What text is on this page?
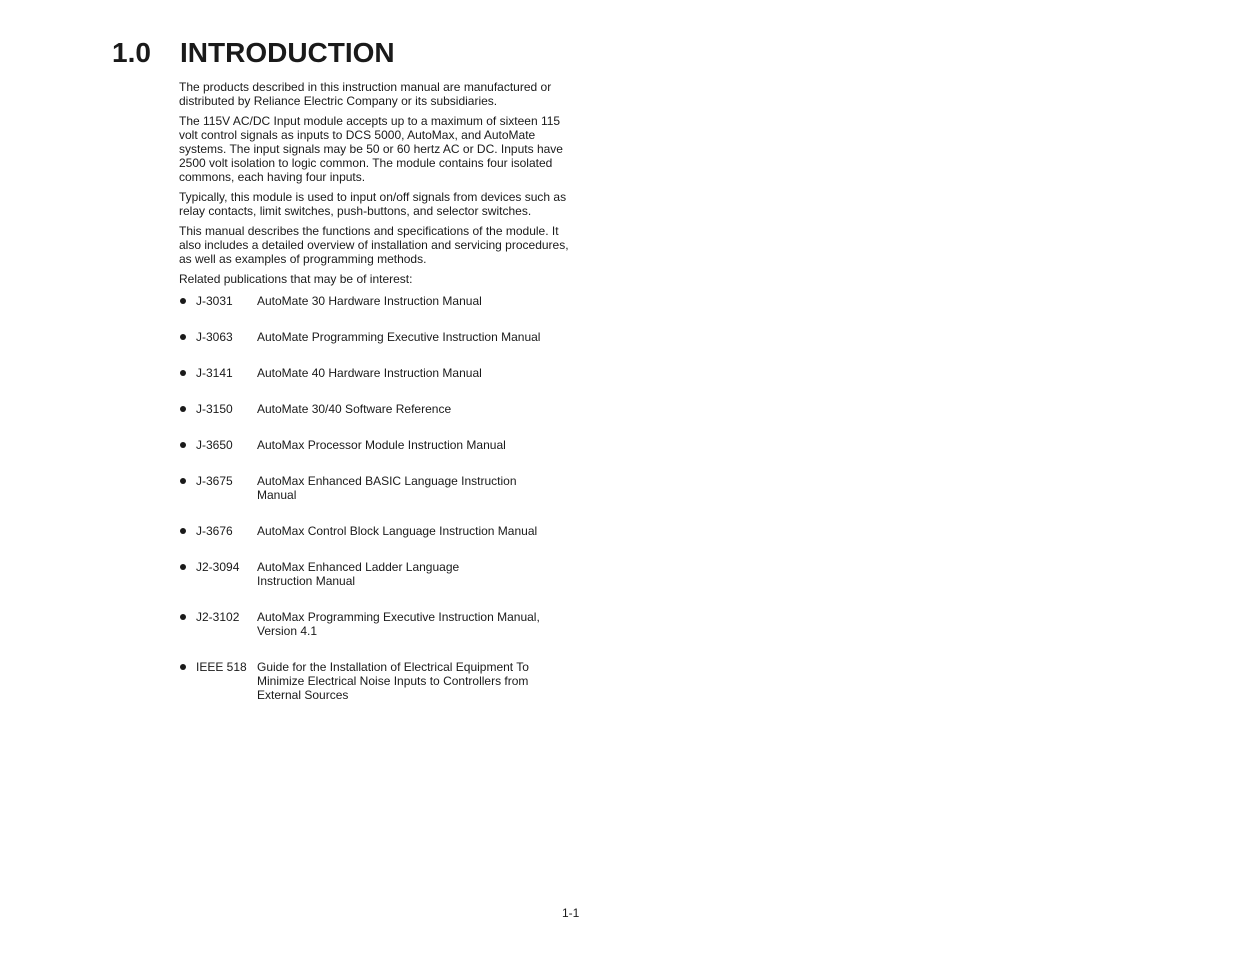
1.0 INTRODUCTION

The products described in this instruction manual are manufactured or distributed by Reliance Electric Company or its subsidiaries.

The 115V AC/DC Input module accepts up to a maximum of sixteen 115 volt control signals as inputs to DCS 5000, AutoMax, and AutoMate systems. The input signals may be 50 or 60 hertz AC or DC. Inputs have 2500 volt isolation to logic common. The module contains four isolated commons, each having four inputs.

Typically, this module is used to input on/off signals from devices such as relay contacts, limit switches, push-buttons, and selector switches.

This manual describes the functions and specifications of the module. It also includes a detailed overview of installation and servicing procedures, as well as examples of programming methods.

Related publications that may be of interest:

J-3031 AutoMate 30 Hardware Instruction Manual
J-3063 AutoMate Programming Executive Instruction Manual
J-3141 AutoMate 40 Hardware Instruction Manual
J-3150 AutoMate 30/40 Software Reference
J-3650 AutoMax Processor Module Instruction Manual
J-3675 AutoMax Enhanced BASIC Language Instruction Manual
J-3676 AutoMax Control Block Language Instruction Manual
J2-3094 AutoMax Enhanced Ladder Language Instruction Manual
J2-3102 AutoMax Programming Executive Instruction Manual, Version 4.1
IEEE 518 Guide for the Installation of Electrical Equipment To Minimize Electrical Noise Inputs to Controllers from External Sources
1-1
